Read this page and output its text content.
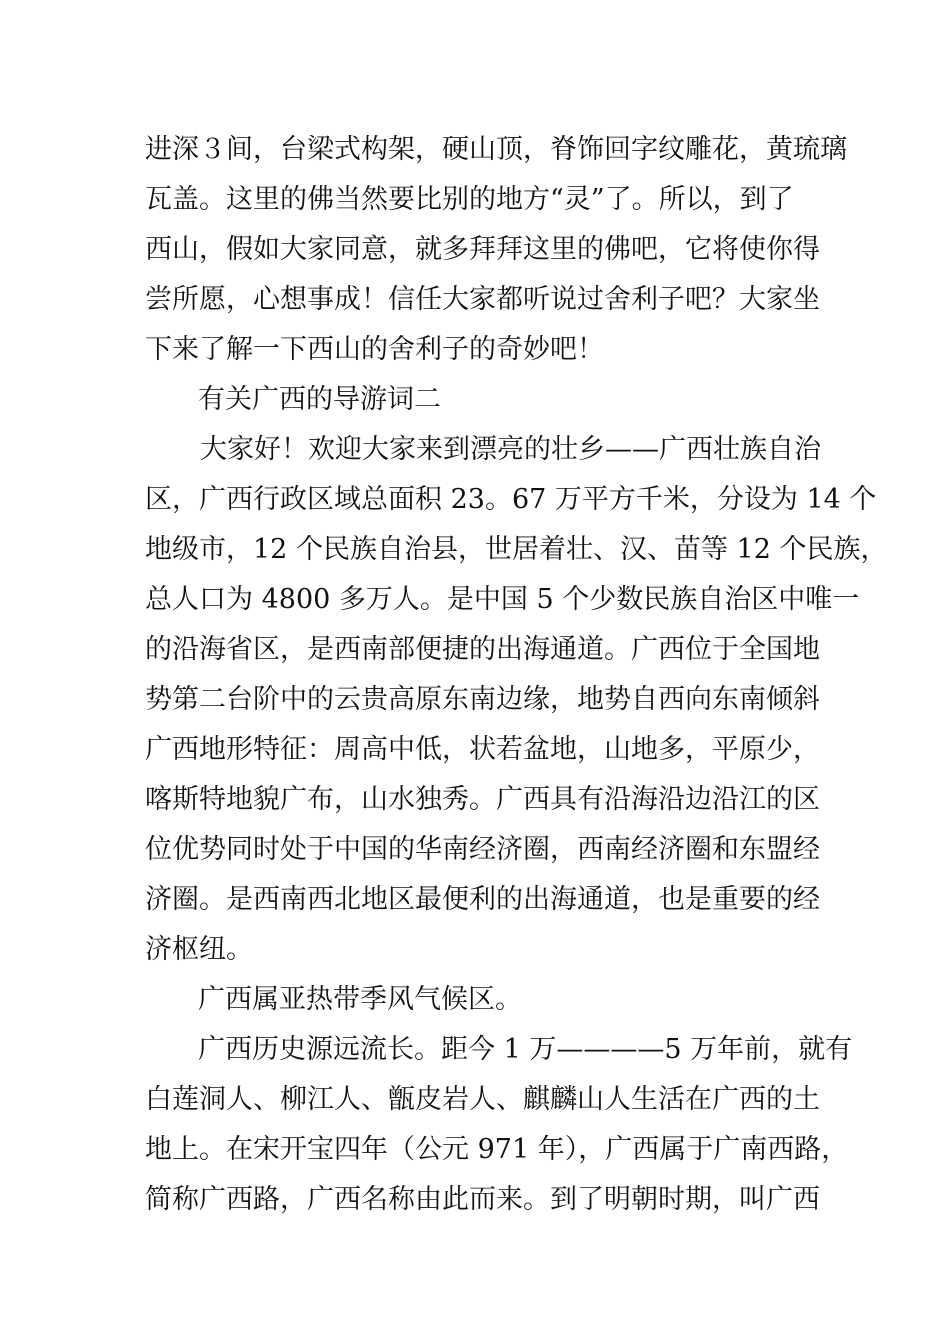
进深３间，台梁式构架，硬山顶，脊饰回字纹雕花，黄琉璃
瓦盖。这里的佛当然要比别的地方“灵”了。所以，到了
西山，假如大家同意，就多拜拜这里的佛吧，它将使你得
尝所愿，心想事成！信任大家都听说过舍利子吧？大家坐
下来了解一下西山的舍利子的奇妙吧！
有关广西的导游词二
大家好！欢迎大家来到漂亮的壮乡——广西壮族自治
区，广西行政区域总面积 23。67 万平方千米，分设为 14 个
地级市，12 个民族自治县，世居着壮、汉、苗等 12 个民族，
总人口为 4800 多万人。是中国 5 个少数民族自治区中唯一
的沿海省区，是西南部便捷的出海通道。广西位于全国地
势第二台阶中的云贵高原东南边缘，地势自西向东南倾斜
广西地形特征：周高中低，状若盆地，山地多，平原少，
喀斯特地貌广布，山水独秀。广西具有沿海沿边沿江的区
位优势同时处于中国的华南经济圈，西南经济圈和东盟经
济圈。是西南西北地区最便利的出海通道，也是重要的经
济枢纽。
广西属亚热带季风气候区。
广西历史源远流长。距今 1 万————5 万年前，就有
白莲洞人、柳江人、甑皮岩人、麒麟山人生活在广西的土
地上。在宋开宝四年（公元 971 年），广西属于广南西路，
简称广西路，广西名称由此而来。到了明朝时期，叫广西
